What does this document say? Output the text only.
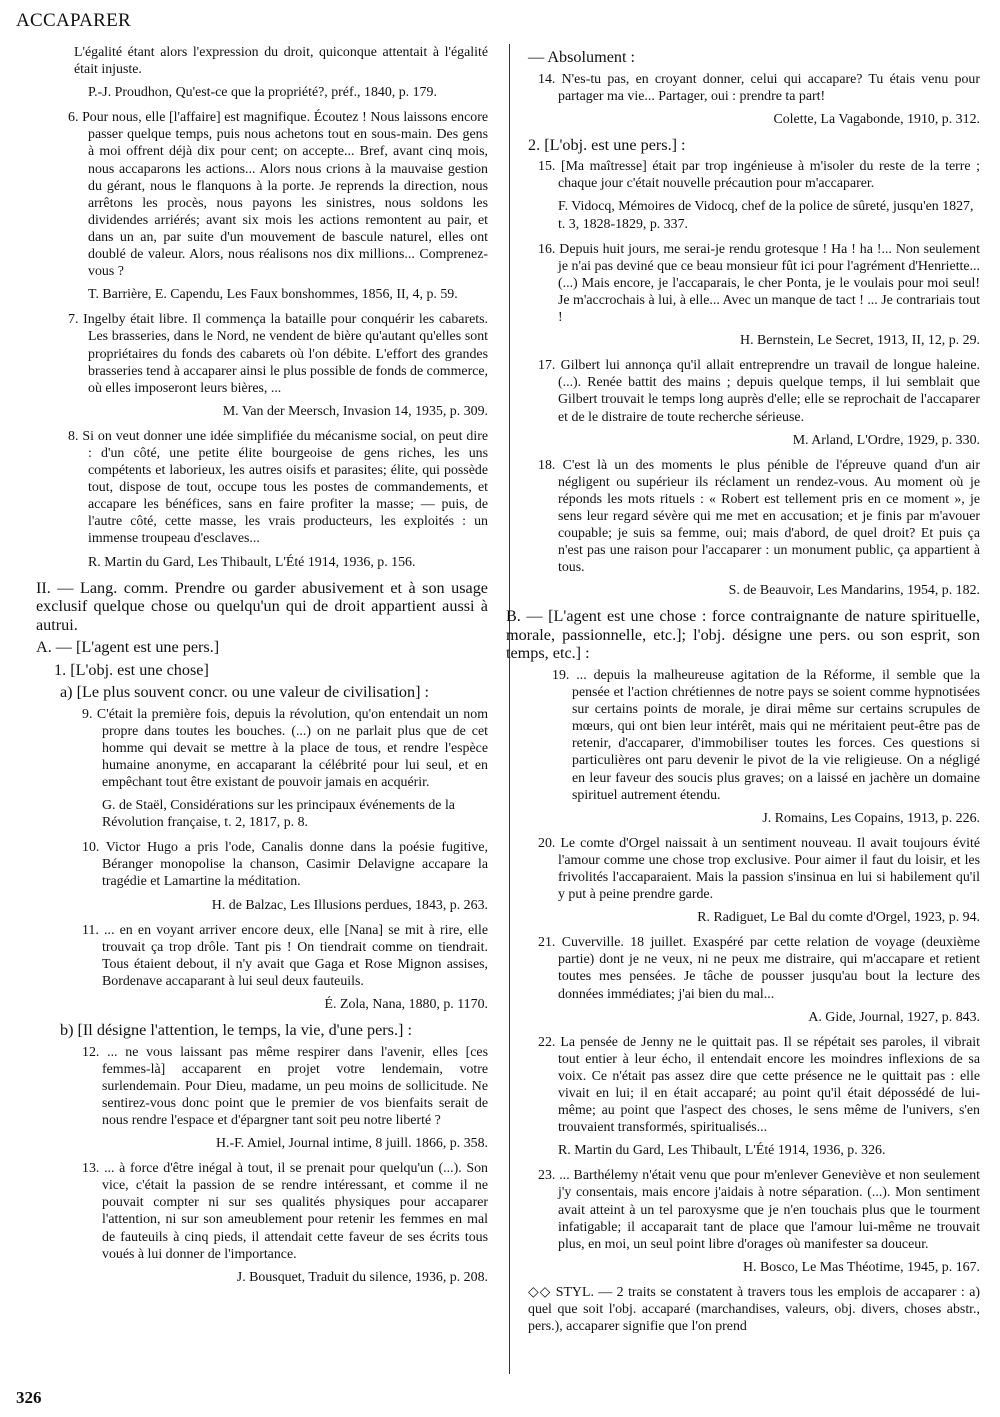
ACCAPARER

L'égalité étant alors l'expression du droit, quiconque attentait à l'égalité était injuste.

P.-J. Proudhon, Qu'est-ce que la propriété?, préf., 1840, p. 179.

6. Pour nous, elle [l'affaire] est magnifique. Écoutez ! Nous laissons encore passer quelque temps, puis nous achetons tout en sous-main. Des gens à moi offrent déjà dix pour cent; on accepte... Bref, avant cinq mois, nous accaparons les actions... Alors nous crions à la mauvaise gestion du gérant, nous le flanquons à la porte. Je reprends la direction, nous arrêtons les procès, nous payons les sinistres, nous soldons les dividendes arriérés; avant six mois les actions remontent au pair, et dans un an, par suite d'un mouvement de bascule naturel, elles ont doublé de valeur. Alors, nous réalisons nos dix millions... Comprenez-vous ?

T. Barrière, E. Capendu, Les Faux bonshommes, 1856, II, 4, p. 59.

7. Ingelby était libre. Il commença la bataille pour conquérir les cabarets. Les brasseries, dans le Nord, ne vendent de bière qu'autant qu'elles sont propriétaires du fonds des cabarets où l'on débite. L'effort des grandes brasseries tend à accaparer ainsi le plus possible de fonds de commerce, où elles imposeront leurs bières, ...

M. Van der Meersch, Invasion 14, 1935, p. 309.

8. Si on veut donner une idée simplifiée du mécanisme social, on peut dire : d'un côté, une petite élite bourgeoise de gens riches, les uns compétents et laborieux, les autres oisifs et parasites; élite, qui possède tout, dispose de tout, occupe tous les postes de commandements, et accapare les bénéfices, sans en faire profiter la masse; — puis, de l'autre côté, cette masse, les vrais producteurs, les exploités : un immense troupeau d'esclaves...

R. Martin du Gard, Les Thibault, L'Été 1914, 1936, p. 156.

II. — Lang. comm. Prendre ou garder abusivement et à son usage exclusif quelque chose ou quelqu'un qui de droit appartient aussi à autrui.

A. — [L'agent est une pers.]

1. [L'obj. est une chose]

a) [Le plus souvent concr. ou une valeur de civilisation] :

9. C'était la première fois, depuis la révolution, qu'on entendait un nom propre dans toutes les bouches. (...) on ne parlait plus que de cet homme qui devait se mettre à la place de tous, et rendre l'espèce humaine anonyme, en accaparant la célébrité pour lui seul, et en empêchant tout être existant de pouvoir jamais en acquérir.

G. de Staël, Considérations sur les principaux événements de la Révolution française, t. 2, 1817, p. 8.

10. Victor Hugo a pris l'ode, Canalis donne dans la poésie fugitive, Béranger monopolise la chanson, Casimir Delavigne accapare la tragédie et Lamartine la méditation.

H. de Balzac, Les Illusions perdues, 1843, p. 263.

11. ... en en voyant arriver encore deux, elle [Nana] se mit à rire, elle trouvait ça trop drôle. Tant pis ! On tiendrait comme on tiendrait. Tous étaient debout, il n'y avait que Gaga et Rose Mignon assises, Bordenave accaparant à lui seul deux fauteuils.

É. Zola, Nana, 1880, p. 1170.

b) [Il désigne l'attention, le temps, la vie, d'une pers.] :

12. ... ne vous laissant pas même respirer dans l'avenir, elles [ces femmes-là] accaparent en projet votre lendemain, votre surlendemain. Pour Dieu, madame, un peu moins de sollicitude. Ne sentirez-vous donc point que le premier de vos bienfaits serait de nous rendre l'espace et d'épargner tant soit peu notre liberté ?

H.-F. Amiel, Journal intime, 8 juill. 1866, p. 358.

13. ... à force d'être inégal à tout, il se prenait pour quelqu'un (...). Son vice, c'était la passion de se rendre intéressant, et comme il ne pouvait compter ni sur ses qualités physiques pour accaparer l'attention, ni sur son ameublement pour retenir les femmes en mal de fauteuils à cinq pieds, il attendait cette faveur de ses écrits tous voués à lui donner de l'importance.

J. Bousquet, Traduit du silence, 1936, p. 208.

— Absolument :

14. N'es-tu pas, en croyant donner, celui qui accapare? Tu étais venu pour partager ma vie... Partager, oui : prendre ta part!

Colette, La Vagabonde, 1910, p. 312.

2. [L'obj. est une pers.] :

15. [Ma maîtresse] était par trop ingénieuse à m'isoler du reste de la terre ; chaque jour c'était nouvelle précaution pour m'accaparer.

F. Vidocq, Mémoires de Vidocq, chef de la police de sûreté, jusqu'en 1827, t. 3, 1828-1829, p. 337.

16. Depuis huit jours, me serai-je rendu grotesque ! Ha ! ha !... Non seulement je n'ai pas deviné que ce beau monsieur fût ici pour l'agrément d'Henriette... (...) Mais encore, je l'accaparais, le cher Ponta, je le voulais pour moi seul! Je m'accrochais à lui, à elle... Avec un manque de tact ! ... Je contrariais tout !

H. Bernstein, Le Secret, 1913, II, 12, p. 29.

17. Gilbert lui annonça qu'il allait entreprendre un travail de longue haleine. (...). Renée battit des mains ; depuis quelque temps, il lui semblait que Gilbert trouvait le temps long auprès d'elle; elle se reprochait de l'accaparer et de le distraire de toute recherche sérieuse.

M. Arland, L'Ordre, 1929, p. 330.

18. C'est là un des moments le plus pénible de l'épreuve quand d'un air négligent ou supérieur ils réclament un rendez-vous. Au moment où je réponds les mots rituels : « Robert est tellement pris en ce moment », je sens leur regard sévère qui me met en accusation; et je finis par m'avouer coupable; je suis sa femme, oui; mais d'abord, de quel droit? Et puis ça n'est pas une raison pour l'accaparer : un monument public, ça appartient à tous.

S. de Beauvoir, Les Mandarins, 1954, p. 182.

B. — [L'agent est une chose : force contraignante de nature spirituelle, morale, passionnelle, etc.]; l'obj. désigne une pers. ou son esprit, son temps, etc.] :

19. ... depuis la malheureuse agitation de la Réforme, il semble que la pensée et l'action chrétiennes de notre pays se soient comme hypnotisées sur certains points de morale, je dirai même sur certains scrupules de mœurs, qui ont bien leur intérêt, mais qui ne méritaient peut-être pas de retenir, d'accaparer, d'immobiliser toutes les forces. Ces questions si particulières ont paru devenir le pivot de la vie religieuse. On a négligé en leur faveur des soucis plus graves; on a laissé en jachère un domaine spirituel autrement étendu.

J. Romains, Les Copains, 1913, p. 226.

20. Le comte d'Orgel naissait à un sentiment nouveau. Il avait toujours évité l'amour comme une chose trop exclusive. Pour aimer il faut du loisir, et les frivolités l'accaparaient. Mais la passion s'insinua en lui si habilement qu'il y put à peine prendre garde.

R. Radiguet, Le Bal du comte d'Orgel, 1923, p. 94.

21. Cuverville. 18 juillet. Exaspéré par cette relation de voyage (deuxième partie) dont je ne veux, ni ne peux me distraire, qui m'accapare et retient toutes mes pensées. Je tâche de pousser jusqu'au bout la lecture des données immédiates; j'ai bien du mal...

A. Gide, Journal, 1927, p. 843.

22. La pensée de Jenny ne le quittait pas. Il se répétait ses paroles, il vibrait tout entier à leur écho, il entendait encore les moindres inflexions de sa voix. Ce n'était pas assez dire que cette présence ne le quittait pas : elle vivait en lui; il en était accaparé; au point qu'il était dépossédé de lui-même; au point que l'aspect des choses, le sens même de l'univers, s'en trouvaient transformés, spiritualisés...

R. Martin du Gard, Les Thibault, L'Été 1914, 1936, p. 326.

23. ... Barthélemy n'était venu que pour m'enlever Geneviève et non seulement j'y consentais, mais encore j'aidais à notre séparation. (...). Mon sentiment avait atteint à un tel paroxysme que je n'en touchais plus que le tourment infatigable; il accaparait tant de place que l'amour lui-même ne trouvait plus, en moi, un seul point libre d'orages où manifester sa douceur.

H. Bosco, Le Mas Théotime, 1945, p. 167.

◇◇ STYL. — 2 traits se constatent à travers tous les emplois de accaparer : a) quel que soit l'obj. accaparé (marchandises, valeurs, obj. divers, choses abstr., pers.), accaparer signifie que l'on prend

326
